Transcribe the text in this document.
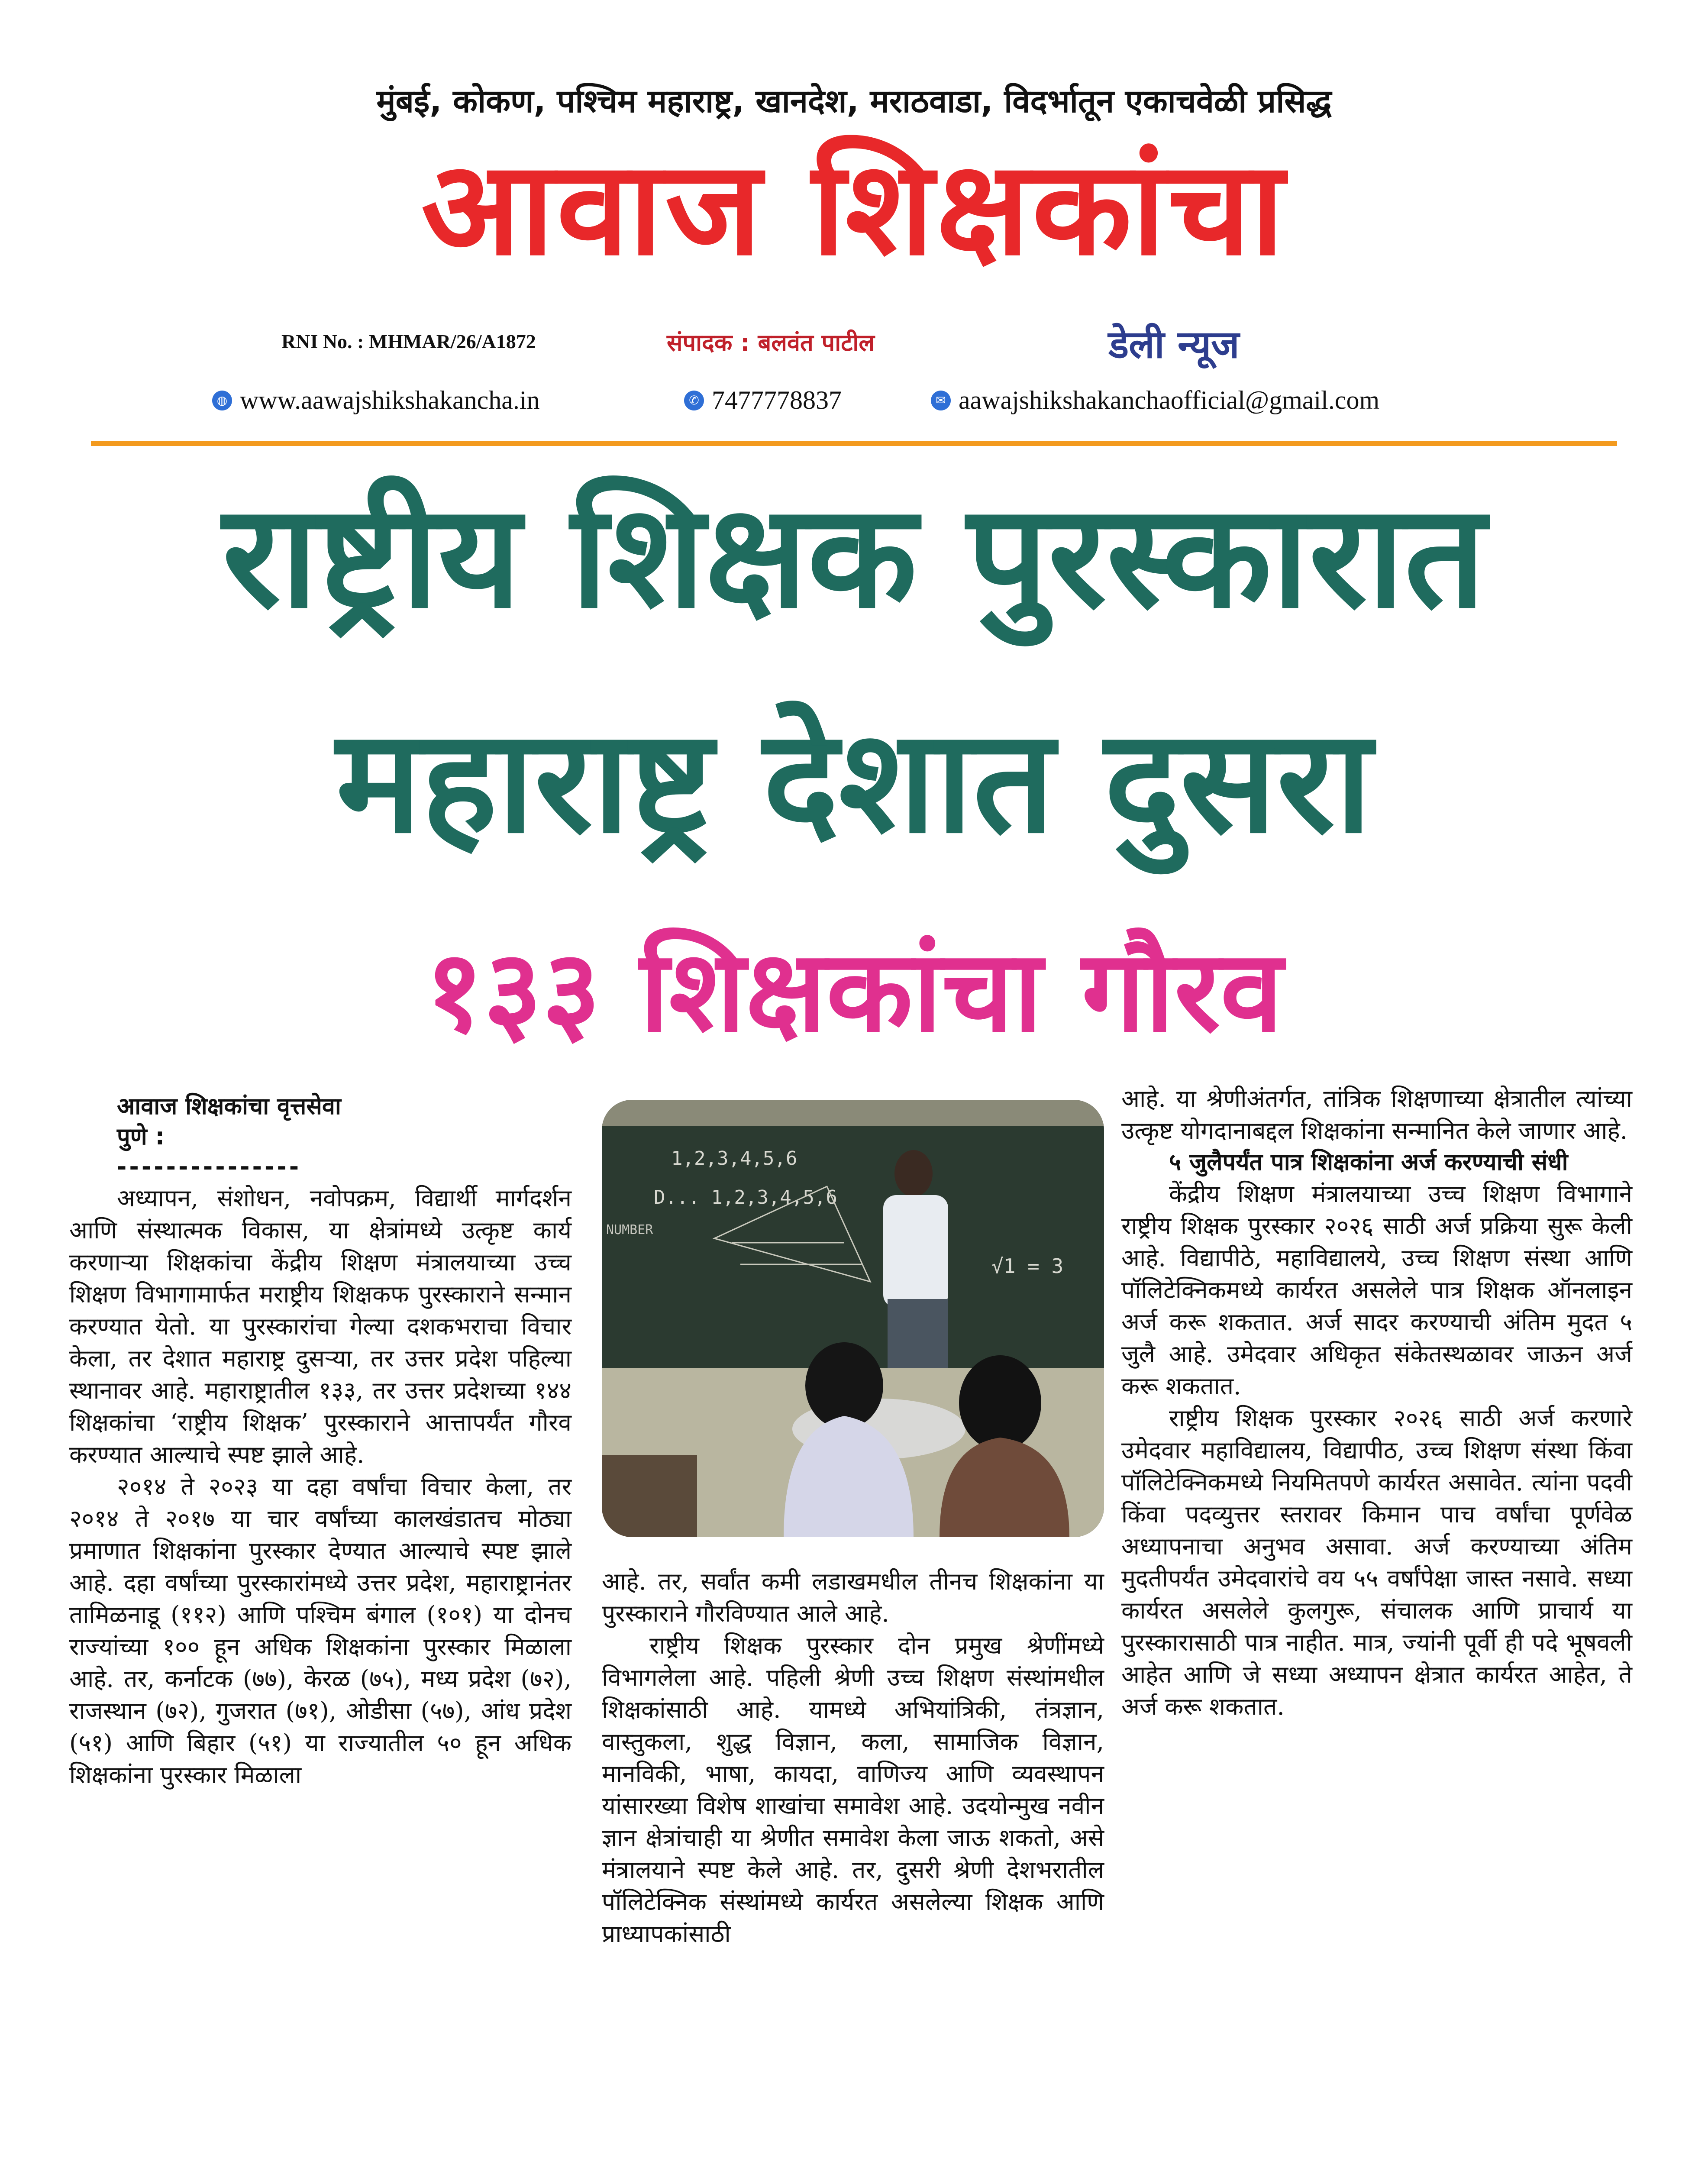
मुंबई, कोकण, पश्चिम महाराष्ट्र, खानदेश, मराठवाडा, विदर्भातून एकाचवेळी प्रसिद्ध
आवाज शिक्षकांचा
RNI No. : MHMAR/26/A1872	संपादक : बलवंत पाटील	डेली न्यूज
◍ www.aawajshikshakancha.in	✆ 7477778837	✉ aawajshikshakanchaofficial@gmail.com
राष्ट्रीय शिक्षक पुरस्कारात
महाराष्ट्र देशात दुसरा
१३३ शिक्षकांचा गौरव
आवाज शिक्षकांचा वृत्तसेवा
पुणे :
---------------

अध्यापन, संशोधन, नवोपक्रम, विद्यार्थी मार्गदर्शन आणि संस्थात्मक विकास, या क्षेत्रांमध्ये उत्कृष्ट कार्य करणाऱ्या शिक्षकांचा केंद्रीय शिक्षण मंत्रालयाच्या उच्च शिक्षण विभागामार्फत मराष्ट्रीय शिक्षकफ पुरस्काराने सन्मान करण्यात येतो. या पुरस्कारांचा गेल्या दशकभराचा विचार केला, तर देशात महाराष्ट्र दुसऱ्या, तर उत्तर प्रदेश पहिल्या स्थानावर आहे. महाराष्ट्रातील १३३, तर उत्तर प्रदेशच्या १४४ शिक्षकांचा ‘राष्ट्रीय शिक्षक’ पुरस्काराने आत्तापर्यंत गौरव करण्यात आल्याचे स्पष्ट झाले आहे.

२०१४ ते २०२३ या दहा वर्षांचा विचार केला, तर २०१४ ते २०१७ या चार वर्षांच्या कालखंडातच मोठ्या प्रमाणात शिक्षकांना पुरस्कार देण्यात आल्याचे स्पष्ट झाले आहे. दहा वर्षांच्या पुरस्कारांमध्ये उत्तर प्रदेश, महाराष्ट्रानंतर तामिळनाडू (११२) आणि पश्चिम बंगाल (१०१) या दोनच राज्यांच्या १०० हून अधिक शिक्षकांना पुरस्कार मिळाला आहे. तर, कर्नाटक (७७), केरळ (७५), मध्य प्रदेश (७२), राजस्थान (७२), गुजरात (७१), ओडीसा (५७), आंध प्रदेश (५१) आणि बिहार (५१) या राज्यातील ५० हून अधिक शिक्षकांना पुरस्कार मिळाला

1,2,3,4,5,6
D... 1,2,3,4,5,6
NUMBER
√1 = 3

आहे. तर, सर्वांत कमी लडाखमधील तीनच शिक्षकांना या पुरस्काराने गौरविण्यात आले आहे.

राष्ट्रीय शिक्षक पुरस्कार दोन प्रमुख श्रेणींमध्ये विभागलेला आहे. पहिली श्रेणी उच्च शिक्षण संस्थांमधील शिक्षकांसाठी आहे. यामध्ये अभियांत्रिकी, तंत्रज्ञान, वास्तुकला, शुद्ध विज्ञान, कला, सामाजिक विज्ञान, मानविकी, भाषा, कायदा, वाणिज्य आणि व्यवस्थापन यांसारख्या विशेष शाखांचा समावेश आहे. उदयोन्मुख नवीन ज्ञान क्षेत्रांचाही या श्रेणीत समावेश केला जाऊ शकतो, असे मंत्रालयाने स्पष्ट केले आहे. तर, दुसरी श्रेणी देशभरातील पॉलिटेक्निक संस्थांमध्ये कार्यरत असलेल्या शिक्षक आणि प्राध्यापकांसाठी

आहे. या श्रेणीअंतर्गत, तांत्रिक शिक्षणाच्या क्षेत्रातील त्यांच्या उत्कृष्ट योगदानाबद्दल शिक्षकांना सन्मानित केले जाणार आहे.

५ जुलैपर्यंत पात्र शिक्षकांना अर्ज करण्याची संधी

केंद्रीय शिक्षण मंत्रालयाच्या उच्च शिक्षण विभागाने राष्ट्रीय शिक्षक पुरस्कार २०२६ साठी अर्ज प्रक्रिया सुरू केली आहे. विद्यापीठे, महाविद्यालये, उच्च शिक्षण संस्था आणि पॉलिटेक्निकमध्ये कार्यरत असलेले पात्र शिक्षक ऑनलाइन अर्ज करू शकतात. अर्ज सादर करण्याची अंतिम मुदत ५ जुलै आहे. उमेदवार अधिकृत संकेतस्थळावर जाऊन अर्ज करू शकतात.

राष्ट्रीय शिक्षक पुरस्कार २०२६ साठी अर्ज करणारे उमेदवार महाविद्यालय, विद्यापीठ, उच्च शिक्षण संस्था किंवा पॉलिटेक्निकमध्ये नियमितपणे कार्यरत असावेत. त्यांना पदवी किंवा पदव्युत्तर स्तरावर किमान पाच वर्षांचा पूर्णवेळ अध्यापनाचा अनुभव असावा. अर्ज करण्याच्या अंतिम मुदतीपर्यंत उमेदवारांचे वय ५५ वर्षांपेक्षा जास्त नसावे. सध्या कार्यरत असलेले कुलगुरू, संचालक आणि प्राचार्य या पुरस्कारासाठी पात्र नाहीत. मात्र, ज्यांनी पूर्वी ही पदे भूषवली आहेत आणि जे सध्या अध्यापन क्षेत्रात कार्यरत आहेत, ते अर्ज करू शकतात.
